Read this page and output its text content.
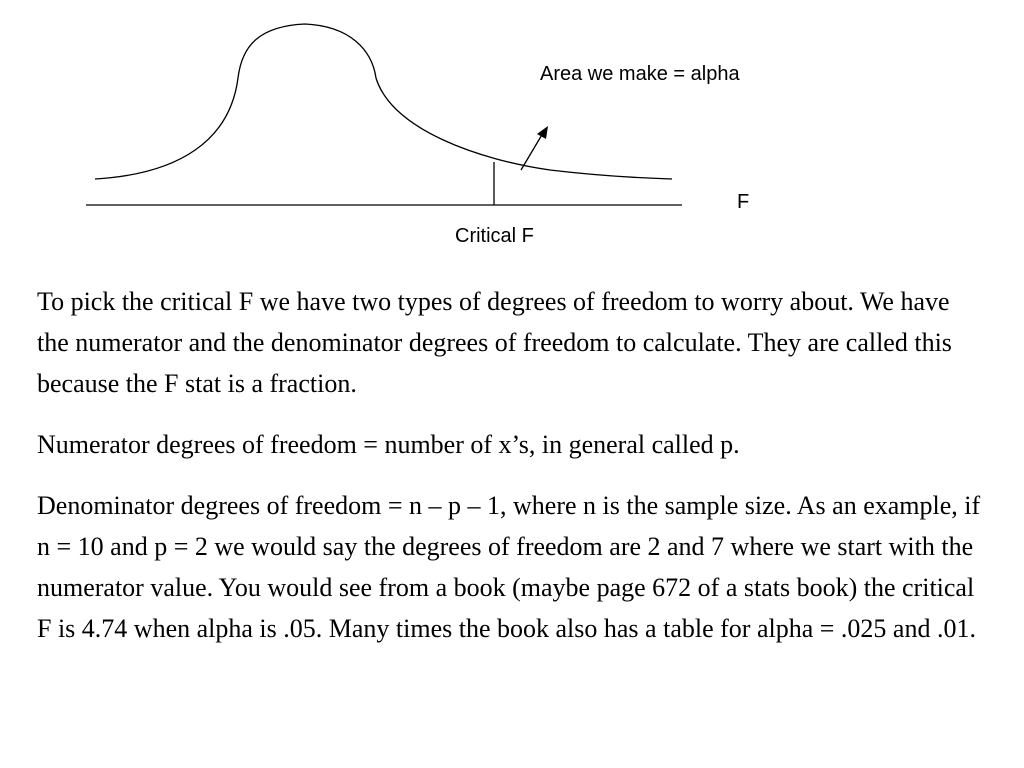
Area we make = alpha
F
Critical F

To pick the critical F we have two types of degrees of freedom to worry about. We have the numerator and the denominator degrees of freedom to calculate. They are called this because the F stat is a fraction.

Numerator degrees of freedom = number of x’s, in general called p.

Denominator degrees of freedom = n – p – 1, where n is the sample size. As an example, if n = 10 and p = 2 we would say the degrees of freedom are 2 and 7 where we start with the numerator value. You would see from a book (maybe page 672 of a stats book) the critical F is 4.74 when alpha is .05. Many times the book also has a table for alpha = .025 and .01.
